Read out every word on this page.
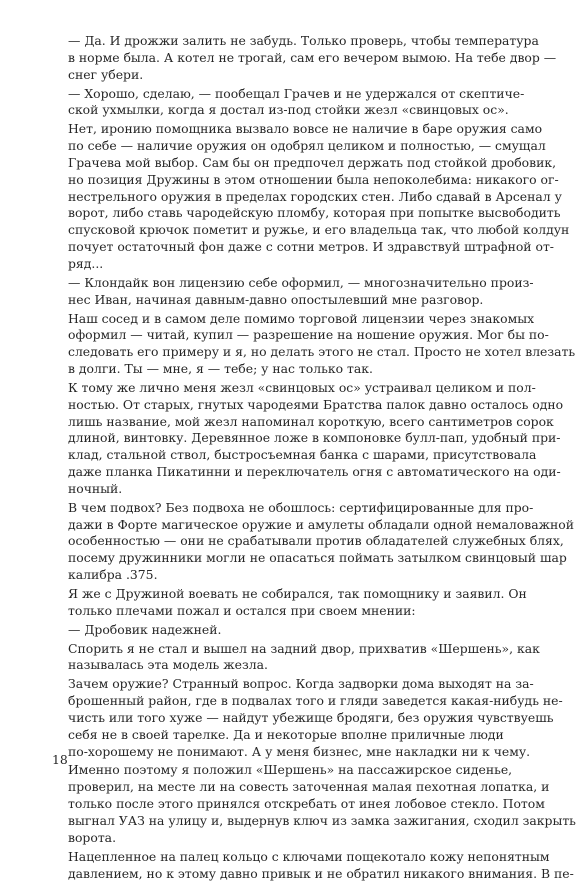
— Да. И дрожжи залить не забудь. Только проверь, чтобы температура
в норме была. А котел не трогай, сам его вечером вымою. На тебе двор —
снег убери.

— Хорошо, сделаю, — пообещал Грачев и не удержался от скептиче-
ской ухмылки, когда я достал из-под стойки жезл «свинцовых ос».

Нет, иронию помощника вызвало вовсе не наличие в баре оружия само
по себе — наличие оружия он одобрял целиком и полностью, — смущал
Грачева мой выбор. Сам бы он предпочел держать под стойкой дробовик,
но позиция Дружины в этом отношении была непоколебима: никакого ог-
нестрельного оружия в пределах городских стен. Либо сдавай в Арсенал у
ворот, либо ставь чародейскую пломбу, которая при попытке высвободить
спусковой крючок пометит и ружье, и его владельца так, что любой колдун
почует остаточный фон даже с сотни метров. И здравствуй штрафной от-
ряд...

— Клондайк вон лицензию себе оформил, — многозначительно произ-
нес Иван, начиная давным-давно опостылевший мне разговор.

Наш сосед и в самом деле помимо торговой лицензии через знакомых
оформил — читай, купил — разрешение на ношение оружия. Мог бы по-
следовать его примеру и я, но делать этого не стал. Просто не хотел влезать
в долги. Ты — мне, я — тебе; у нас только так.

К тому же лично меня жезл «свинцовых ос» устраивал целиком и пол-
ностью. От старых, гнутых чародеями Братства палок давно осталось одно
лишь название, мой жезл напоминал короткую, всего сантиметров сорок
длиной, винтовку. Деревянное ложе в компоновке булл-пап, удобный при-
клад, стальной ствол, быстросъемная банка с шарами, присутствовала
даже планка Пикатинни и переключатель огня с автоматического на оди-
ночный.

В чем подвох? Без подвоха не обошлось: сертифицированные для про-
дажи в Форте магическое оружие и амулеты обладали одной немаловажной
особенностью — они не срабатывали против обладателей служебных блях,
посему дружинники могли не опасаться поймать затылком свинцовый шар
калибра .375.

Я же с Дружиной воевать не собирался, так помощнику и заявил. Он
только плечами пожал и остался при своем мнении:

— Дробовик надежней.

Спорить я не стал и вышел на задний двор, прихватив «Шершень», как
называлась эта модель жезла.

Зачем оружие? Странный вопрос. Когда задворки дома выходят на за-
брошенный район, где в подвалах того и гляди заведется какая-нибудь не-
чисть или того хуже — найдут убежище бродяги, без оружия чувствуешь
себя не в своей тарелке. Да и некоторые вполне приличные люди
по-хорошему не понимают. А у меня бизнес, мне накладки ни к чему.

Именно поэтому я положил «Шершень» на пассажирское сиденье,
проверил, на месте ли на совесть заточенная малая пехотная лопатка, и
только после этого принялся отскребать от инея лобовое стекло. Потом
выгнал УАЗ на улицу и, выдернув ключ из замка зажигания, сходил закрыть
ворота.

Нацепленное на палец кольцо с ключами пощекотало кожу непонятным
давлением, но к этому давно привык и не обратил никакого внимания. В пе-

18
